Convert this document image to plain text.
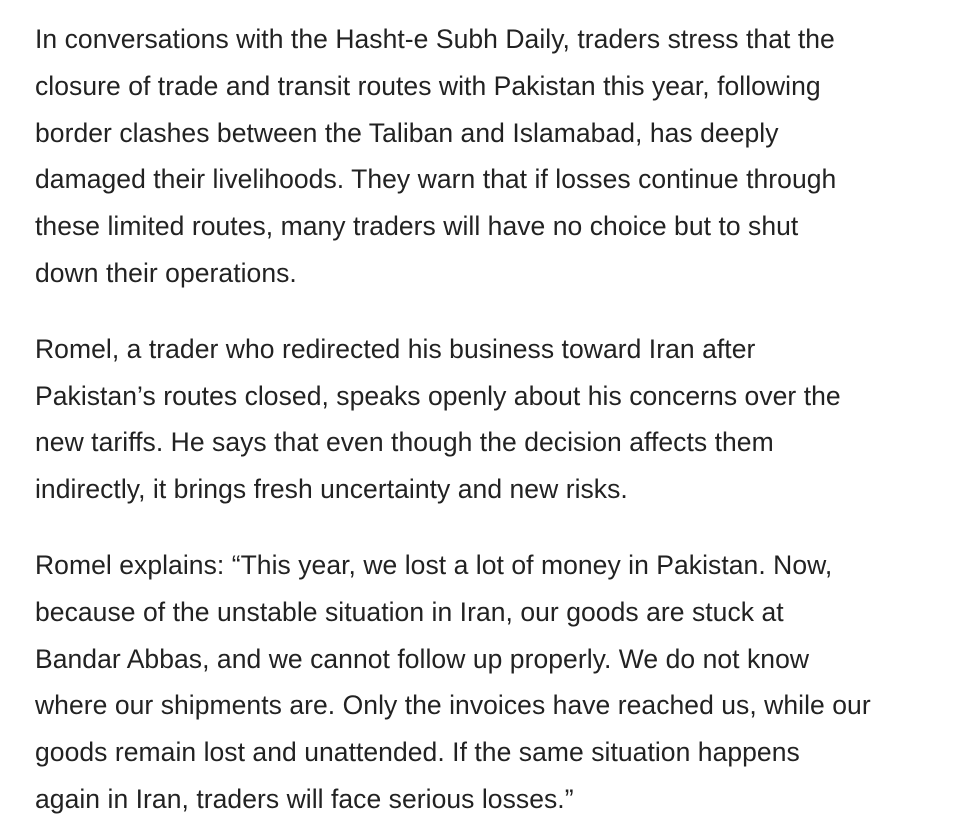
In conversations with the Hasht-e Subh Daily, traders stress that the
closure of trade and transit routes with Pakistan this year, following
border clashes between the Taliban and Islamabad, has deeply
damaged their livelihoods. They warn that if losses continue through
these limited routes, many traders will have no choice but to shut
down their operations.

Romel, a trader who redirected his business toward Iran after
Pakistan’s routes closed, speaks openly about his concerns over the
new tariffs. He says that even though the decision affects them
indirectly, it brings fresh uncertainty and new risks.

Romel explains: “This year, we lost a lot of money in Pakistan. Now,
because of the unstable situation in Iran, our goods are stuck at
Bandar Abbas, and we cannot follow up properly. We do not know
where our shipments are. Only the invoices have reached us, while our
goods remain lost and unattended. If the same situation happens
again in Iran, traders will face serious losses.”
